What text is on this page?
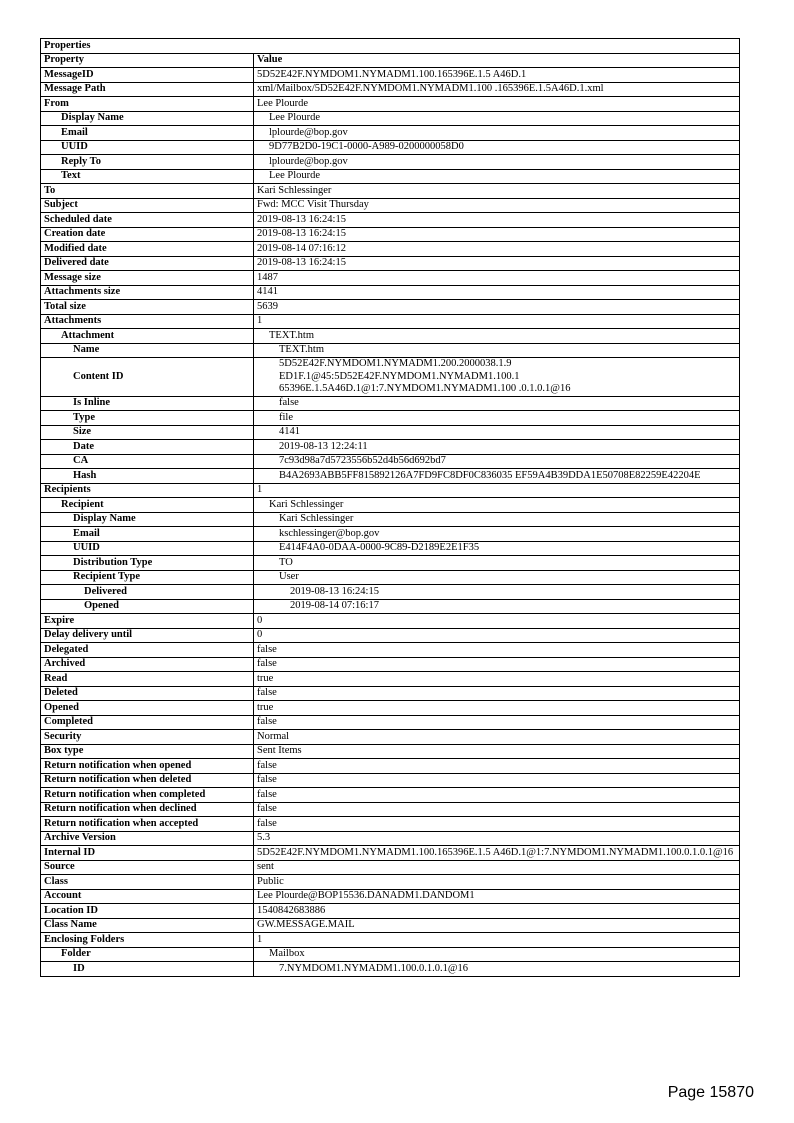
Properties	
Property	Value
MessageID	5D52E42F.NYMDOM1.NYMADM1.100.165396E.1.5 A46D.1
Message Path	xml/Mailbox/5D52E42F.NYMDOM1.NYMADM1.100 .165396E.1.5A46D.1.xml
From	Lee Plourde
Display Name	Lee Plourde
Email	lplourde@bop.gov
UUID	9D77B2D0-19C1-0000-A989-0200000058D0
Reply To	lplourde@bop.gov
Text	Lee Plourde
To	Kari Schlessinger
Subject	Fwd: MCC Visit Thursday
Scheduled date	2019-08-13 16:24:15
Creation date	2019-08-13 16:24:15
Modified date	2019-08-14 07:16:12
Delivered date	2019-08-13 16:24:15
Message size	1487
Attachments size	4141
Total size	5639
Attachments	1
Attachment	TEXT.htm
Name	TEXT.htm
Content ID	5D52E42F.NYMDOM1.NYMADM1.200.2000038.1.9
ED1F.1@45:5D52E42F.NYMDOM1.NYMADM1.100.1
65396E.1.5A46D.1@1:7.NYMDOM1.NYMADM1.100 .0.1.0.1@16
Is Inline	false
Type	file
Size	4141
Date	2019-08-13 12:24:11
CA	7c93d98a7d5723556b52d4b56d692bd7
Hash	B4A2693ABB5FF815892126A7FD9FC8DF0C836035 EF59A4B39DDA1E50708E82259E42204E
Recipients	1
Recipient	Kari Schlessinger
Display Name	Kari Schlessinger
Email	kschlessinger@bop.gov
UUID	E414F4A0-0DAA-0000-9C89-D2189E2E1F35
Distribution Type	TO
Recipient Type	User
Delivered	2019-08-13 16:24:15
Opened	2019-08-14 07:16:17
Expire	0
Delay delivery until	0
Delegated	false
Archived	false
Read	true
Deleted	false
Opened	true
Completed	false
Security	Normal
Box type	Sent Items
Return notification when opened	false
Return notification when deleted	false
Return notification when completed	false
Return notification when declined	false
Return notification when accepted	false
Archive Version	5.3
Internal ID	5D52E42F.NYMDOM1.NYMADM1.100.165396E.1.5 A46D.1@1:7.NYMDOM1.NYMADM1.100.0.1.0.1@16
Source	sent
Class	Public
Account	Lee Plourde@BOP15536.DANADM1.DANDOM1
Location ID	1540842683886
Class Name	GW.MESSAGE.MAIL
Enclosing Folders	1
Folder	Mailbox
ID	7.NYMDOM1.NYMADM1.100.0.1.0.1@16
Page 15870
